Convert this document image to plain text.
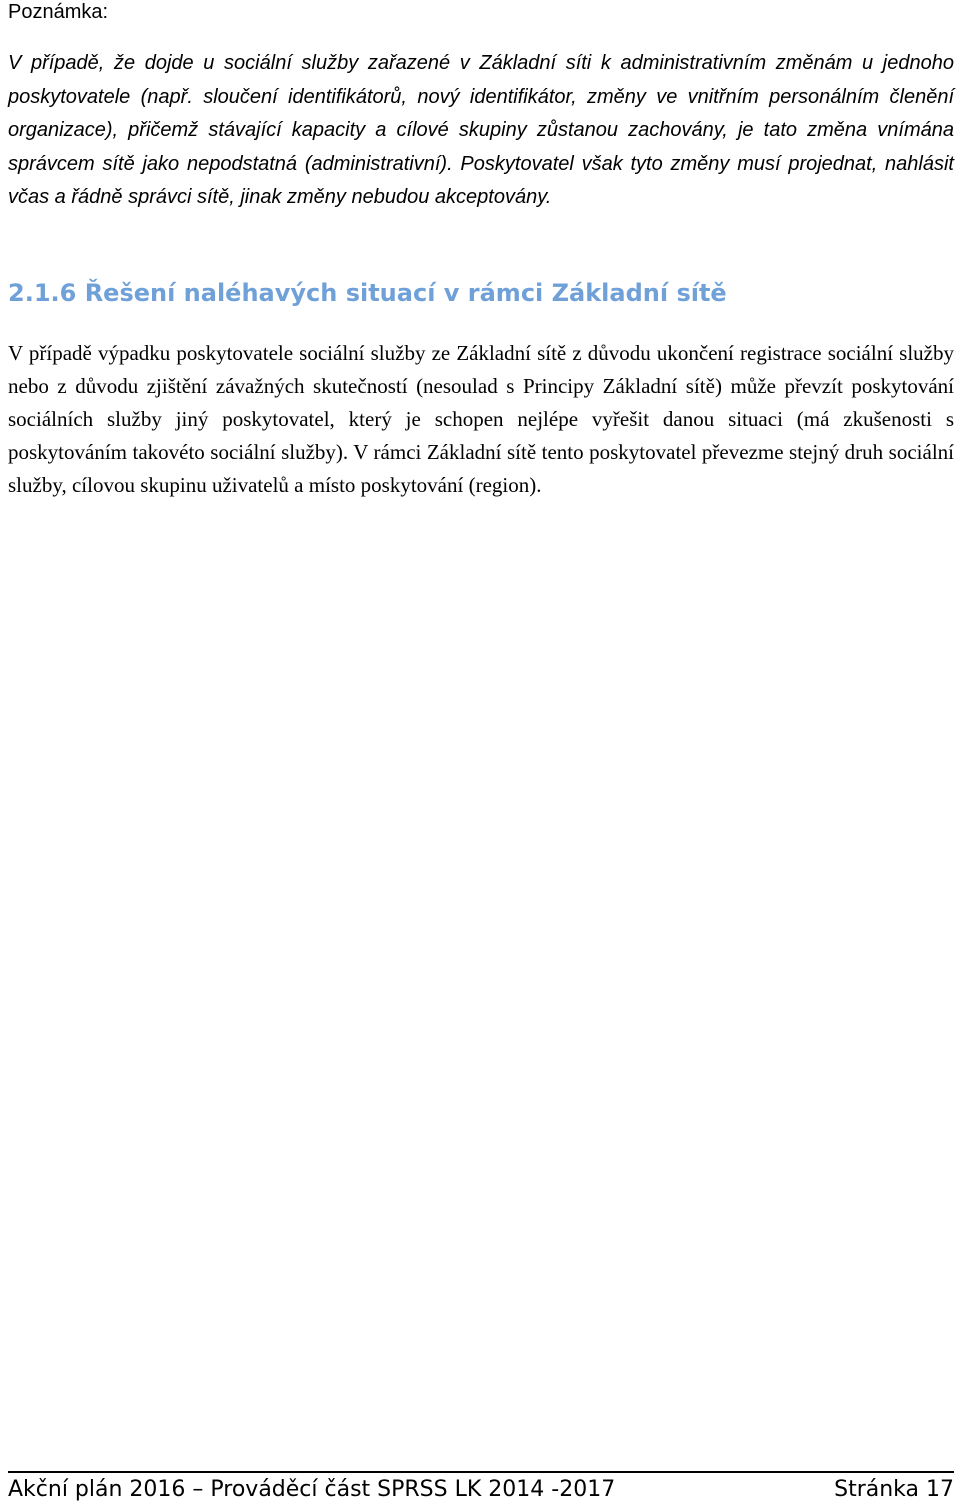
Poznámka:

V případě, že dojde u sociální služby zařazené v Základní síti k administrativním změnám u jednoho poskytovatele (např. sloučení identifikátorů, nový identifikátor, změny ve vnitřním personálním členění organizace), přičemž stávající kapacity a cílové skupiny zůstanou zachovány, je tato změna vnímána správcem sítě jako nepodstatná (administrativní). Poskytovatel však tyto změny musí projednat, nahlásit včas a řádně správci sítě, jinak změny nebudou akceptovány.

2.1.6 Řešení naléhavých situací v rámci Základní sítě

V případě výpadku poskytovatele sociální služby ze Základní sítě z důvodu ukončení registrace sociální služby nebo z důvodu zjištění závažných skutečností (nesoulad s Principy Základní sítě) může převzít poskytování sociálních služby jiný poskytovatel, který je schopen nejlépe vyřešit danou situaci (má zkušenosti s poskytováním takovéto sociální služby). V rámci Základní sítě tento poskytovatel převezme stejný druh sociální služby, cílovou skupinu uživatelů a místo poskytování (region).

Akční plán 2016 – Prováděcí část SPRSS LK 2014 -2017	Stránka 17
